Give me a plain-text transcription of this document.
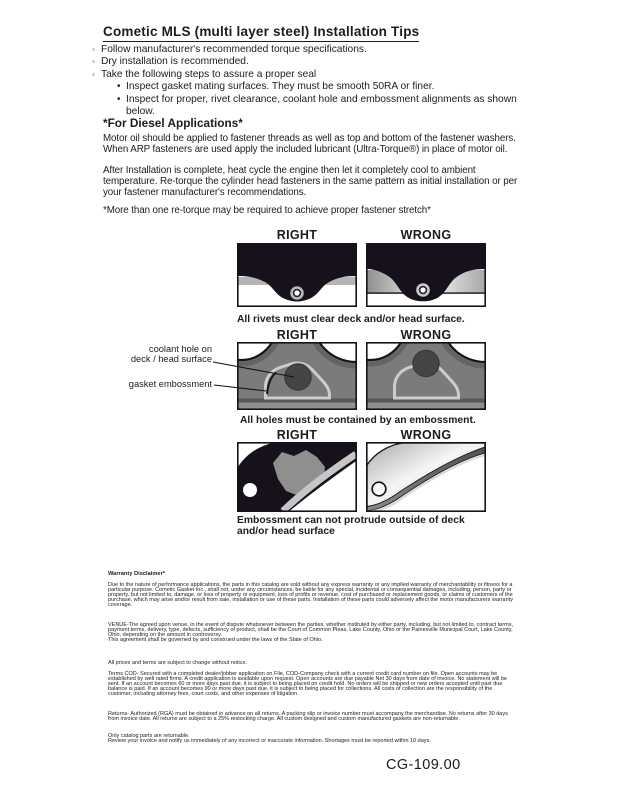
Cometic MLS (multi layer steel) Installation Tips
◦ Follow manufacturer's recommended torque specifications.
◦ Dry installation is recommended.
◦ Take the following steps to assure a proper seal
• Inspect gasket mating surfaces. They must be smooth 50RA or finer.
• Inspect for proper, rivet clearance, coolant hole and embossment alignments as shown below.
*For Diesel Applications*

Motor oil should be applied to fastener threads as well as top and bottom of the fastener washers. When ARP fasteners are used apply the included lubricant (Ultra-Torque®) in place of motor oil.

After Installation is complete, heat cycle the engine then let it completely cool to ambient temperature. Re-torque the cylinder head fasteners in the same pattern as initial installation or per your fastener manufacturer's recommendations.

*More than one re-torque may be required to achieve proper fastener stretch*

RIGHT	WRONG

All rivets must clear deck and/or head surface.

RIGHT	WRONG
coolant hole on
deck / head surface
gasket embossment

All holes must be contained by an embossment.

RIGHT	WRONG

Embossment can not protrude outside of deck
and/or head surface

Warranty Disclaimer*

Due to the nature of performance applications, the parts in this catalog are sold without any express warranty or any implied warranty of merchantability or fitness for a particular purpose. Cometic Gasket Inc., shall not, under any circumstances, be liable for any special, incidental or consequential damages, including, person, party or property, but not limited to, damage, or loss of property or equipment, loss of profits or revenue, cost of purchased or replacement goods, or claims of customers of the purchase, which may arise and/or result from sale, installation or use of these parts. Installation of these parts could adversely affect the motor manufacturers warranty coverage.

VENUE-The agreed upon venue, in the event of dispute whatsoever between the parties, whether instituted by either party, including, but not limited to, contract terms, payment terms, delivery, type, defects, sufficiency of product, shall be the Court of Common Pleas, Lake County, Ohio or the Painesville Municipal Court, Lake County, Ohio, depending on the amount in controversy.

This agreement shall be governed by and construed under the laws of the State of Ohio.

All prices and terms are subject to change without notice.

Terms COD- Secured with a completed dealer/jobber application on File, COD-Company check with a current credit card number on file. Open accounts may be established by well rated firms. A credit application is available upon request. Open accounts are due payable Net 30 days from date of invoice. No statement will be sent. If an account becomes 60 or more days past due, it is subject to being placed on credit hold. No orders will be shipped or new orders accepted until past due balance is paid. If an account becomes 90 or more days past due, it is subject to being placed for collections. All costs of collection are the responsibility of the customer, including attorney fees, court costs, and other expenses of litigation.

Returns- Authorized (RGA) must be obtained in advance on all returns. A packing slip or invoice number must accompany the merchandise. No returns after 30 days from invoice date. All returns are subject to a 25% restocking charge. All custom designed and custom manufactured gaskets are non-returnable.

Only catalog parts are returnable.

Review your invoice and notify us immediately of any incorrect or inaccurate information. Shortages must be reported within 10 days.

CG-109.00
